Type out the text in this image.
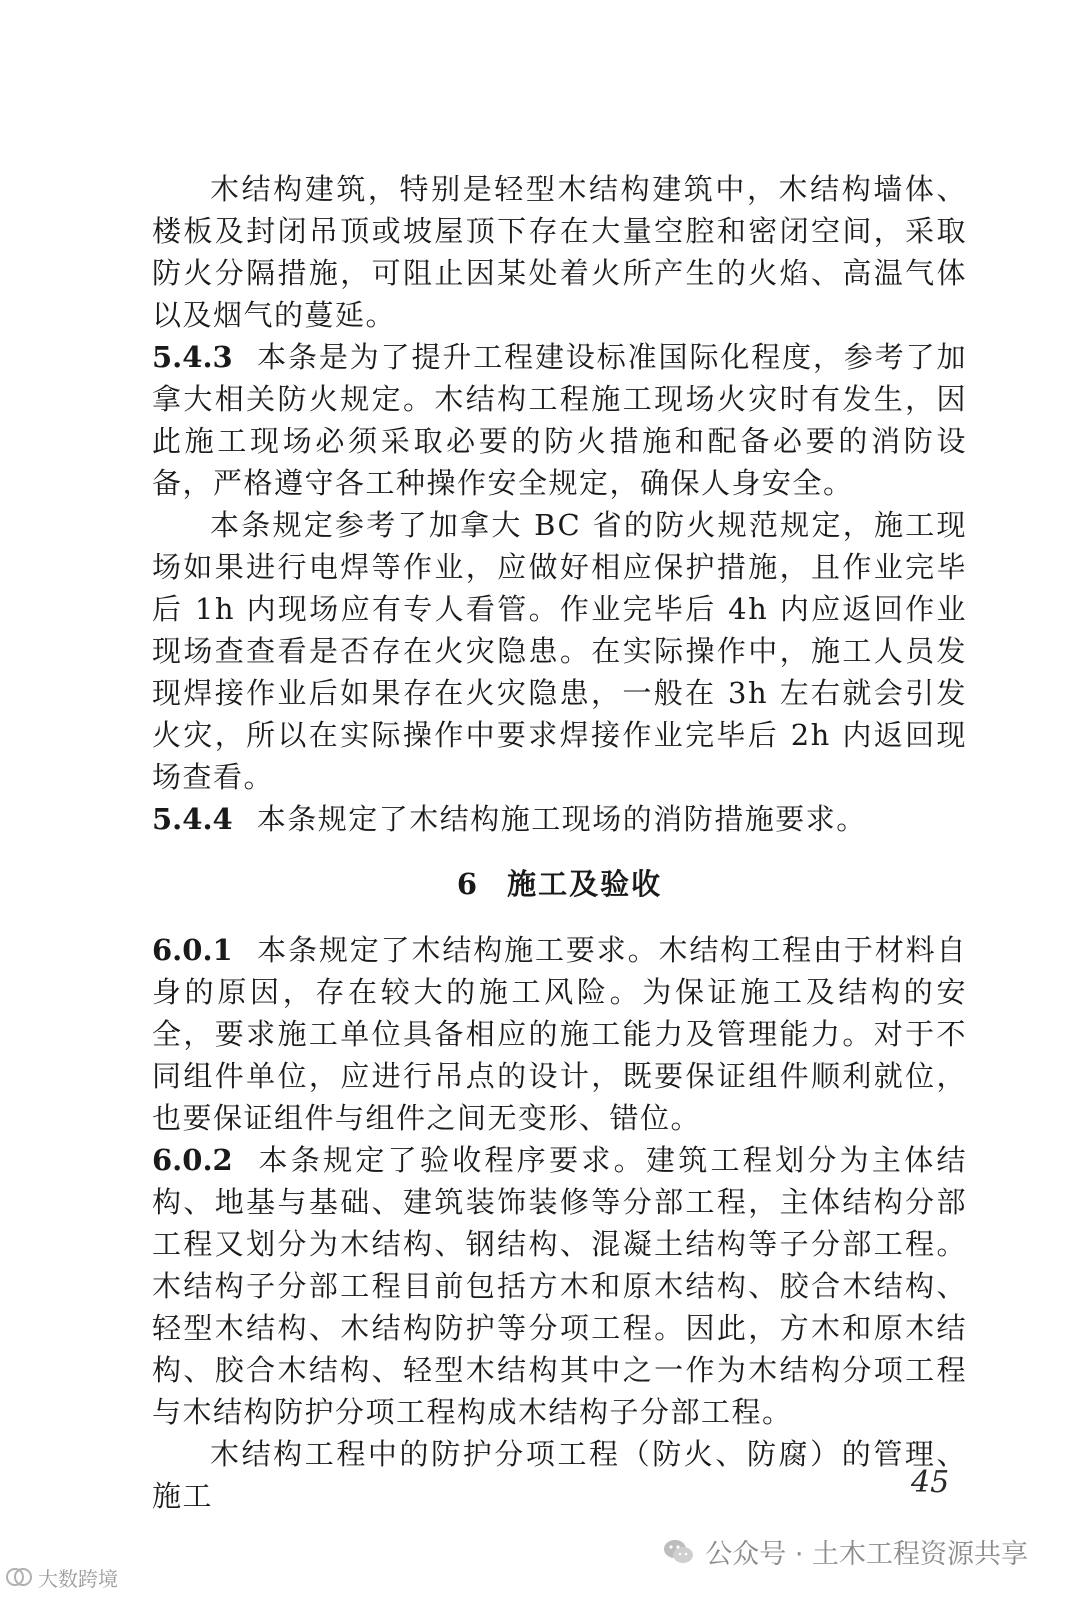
木结构建筑，特别是轻型木结构建筑中，木结构墙体、楼板及封闭吊顶或坡屋顶下存在大量空腔和密闭空间，采取防火分隔措施，可阻止因某处着火所产生的火焰、高温气体以及烟气的蔓延。

5.4.3 本条是为了提升工程建设标准国际化程度，参考了加拿大相关防火规定。木结构工程施工现场火灾时有发生，因此施工现场必须采取必要的防火措施和配备必要的消防设备，严格遵守各工种操作安全规定，确保人身安全。

本条规定参考了加拿大 BC 省的防火规范规定，施工现场如果进行电焊等作业，应做好相应保护措施，且作业完毕后 1h 内现场应有专人看管。作业完毕后 4h 内应返回作业现场查查看是否存在火灾隐患。在实际操作中，施工人员发现焊接作业后如果存在火灾隐患，一般在 3h 左右就会引发火灾，所以在实际操作中要求焊接作业完毕后 2h 内返回现场查看。

5.4.4 本条规定了木结构施工现场的消防措施要求。

6 施工及验收

6.0.1 本条规定了木结构施工要求。木结构工程由于材料自身的原因，存在较大的施工风险。为保证施工及结构的安全，要求施工单位具备相应的施工能力及管理能力。对于不同组件单位，应进行吊点的设计，既要保证组件顺利就位，也要保证组件与组件之间无变形、错位。

6.0.2 本条规定了验收程序要求。建筑工程划分为主体结构、地基与基础、建筑装饰装修等分部工程，主体结构分部工程又划分为木结构、钢结构、混凝土结构等子分部工程。木结构子分部工程目前包括方木和原木结构、胶合木结构、轻型木结构、木结构防护等分项工程。因此，方木和原木结构、胶合木结构、轻型木结构其中之一作为木结构分项工程与木结构防护分项工程构成木结构子分部工程。

木结构工程中的防护分项工程（防火、防腐）的管理、施工	45
公众号 · 土木工程资源共享
大数跨境
